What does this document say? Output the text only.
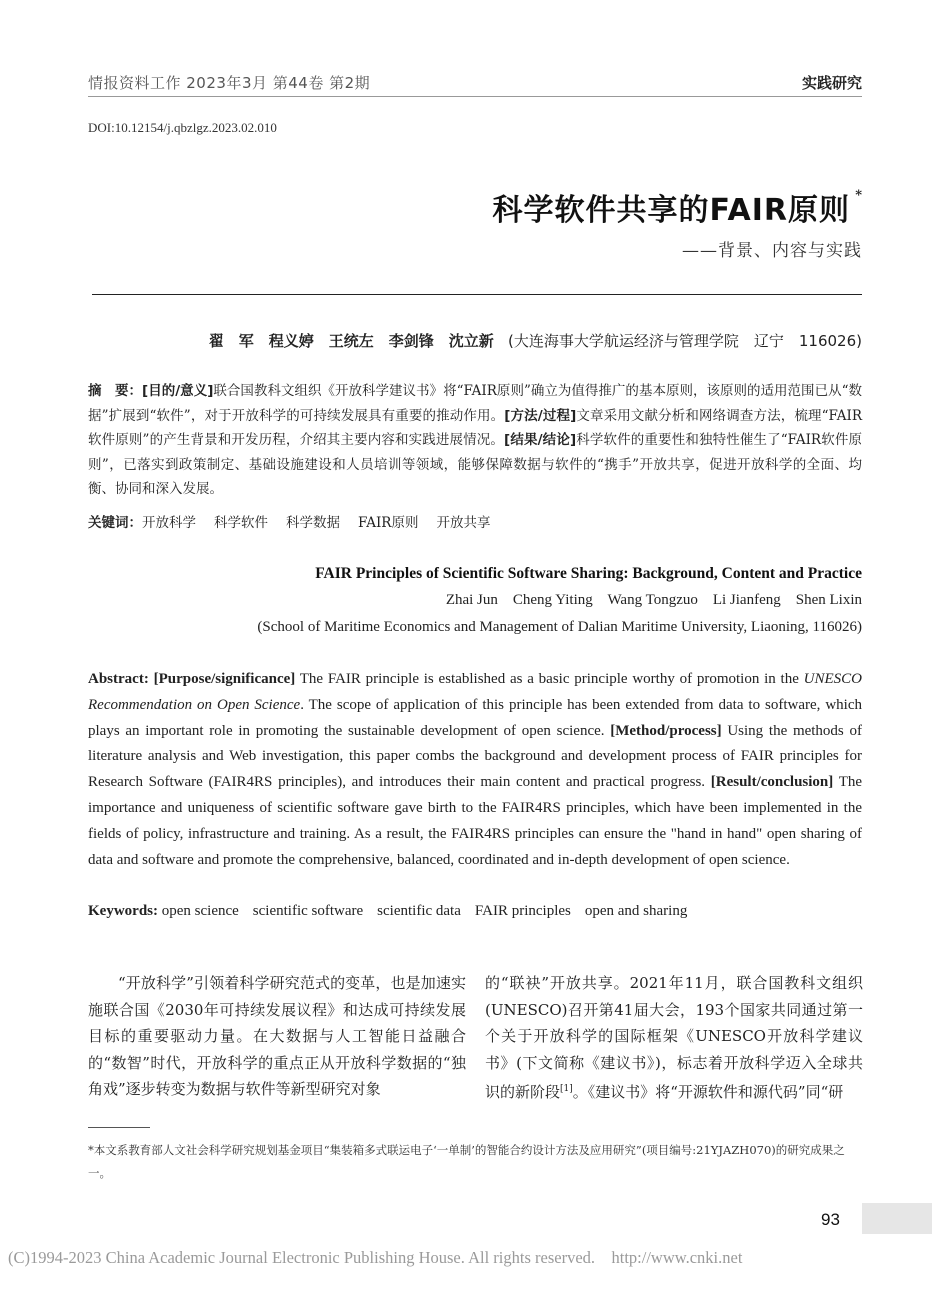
情报资料工作 2023年3月 第44卷 第2期	实践研究
DOI:10.12154/j.qbzlgz.2023.02.010
科学软件共享的FAIR原则 *
——背景、内容与实践
翟　军　程义婷　王统左　李剑锋　沈立新 (大连海事大学航运经济与管理学院　辽宁　116026)
摘　要：[目的/意义]联合国教科文组织《开放科学建议书》将“FAIR原则”确立为值得推广的基本原则，该原则的适用范围已从“数据”扩展到“软件”，对于开放科学的可持续发展具有重要的推动作用。[方法/过程]文章采用文献分析和网络调查方法，梳理“FAIR软件原则”的产生背景和开发历程，介绍其主要内容和实践进展情况。[结果/结论]科学软件的重要性和独特性催生了“FAIR软件原则”，已落实到政策制定、基础设施建设和人员培训等领域，能够保障数据与软件的“携手”开放共享，促进开放科学的全面、均衡、协同和深入发展。
关键词：开放科学 科学软件 科学数据 FAIR原则 开放共享
FAIR Principles of Scientific Software Sharing: Background, Content and Practice
Zhai Jun    Cheng Yiting    Wang Tongzuo    Li Jianfeng    Shen Lixin
(School of Maritime Economics and Management of Dalian Maritime University, Liaoning, 116026)
Abstract: [Purpose/significance] The FAIR principle is established as a basic principle worthy of promotion in the UNESCO Recommendation on Open Science. The scope of application of this principle has been extended from data to software, which plays an important role in promoting the sustainable development of open science. [Method/process] Using the methods of literature analysis and Web investigation, this paper combs the background and development process of FAIR principles for Research Software (FAIR4RS principles), and introduces their main content and practical progress. [Result/conclusion] The importance and uniqueness of scientific software gave birth to the FAIR4RS principles, which have been implemented in the fields of policy, infrastructure and training. As a result, the FAIR4RS principles can ensure the "hand in hand" open sharing of data and software and promote the comprehensive, balanced, coordinated and in-depth development of open science.
Keywords: open science scientific software scientific data FAIR principles open and sharing

“开放科学”引领着科学研究范式的变革，也是加速实施联合国《2030年可持续发展议程》和达成可持续发展目标的重要驱动力量。在大数据与人工智能日益融合的“数智”时代，开放科学的重点正从开放科学数据的“独角戏”逐步转变为数据与软件等新型研究对象

的“联袂”开放共享。2021年11月，联合国教科文组织(UNESCO)召开第41届大会，193个国家共同通过第一个关于开放科学的国际框架《UNESCO开放科学建议书》(下文简称《建议书》)，标志着开放科学迈入全球共识的新阶段[1]。《建议书》将“开源软件和源代码”同“研

*本文系教育部人文社会科学研究规划基金项目“集装箱多式联运电子‘一单制’的智能合约设计方法及应用研究”(项目编号:21YJAZH070)的研究成果之一。
93
(C)1994-2023 China Academic Journal Electronic Publishing House. All rights reserved.    http://www.cnki.net
